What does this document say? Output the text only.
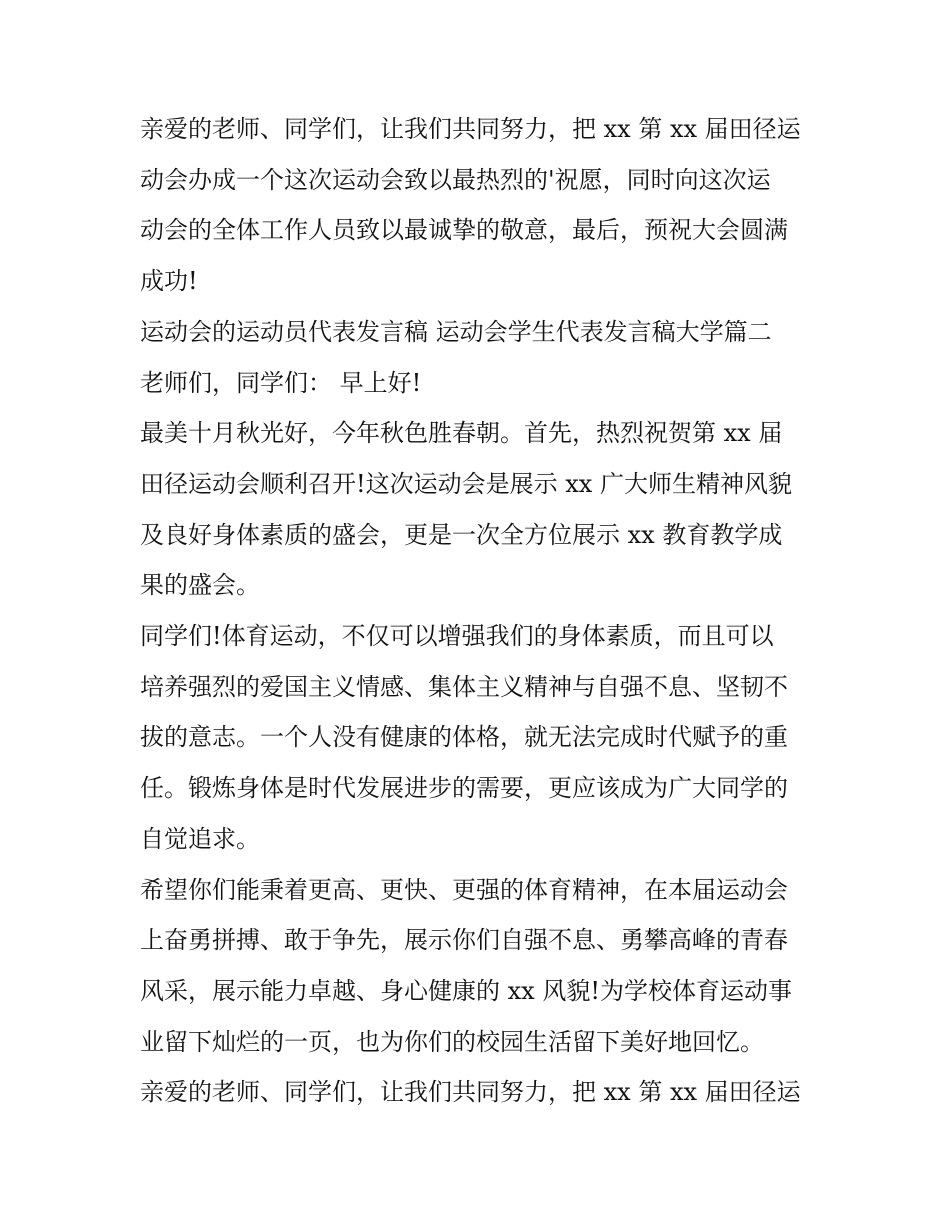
亲爱的老师、同学们，让我们共同努力，把 xx 第 xx 届田径运
动会办成一个这次运动会致以最热烈的'祝愿，同时向这次运
动会的全体工作人员致以最诚挚的敬意，最后，预祝大会圆满
成功!

运动会的运动员代表发言稿 运动会学生代表发言稿大学篇二

老师们，同学们： 早上好!

最美十月秋光好，今年秋色胜春朝。首先，热烈祝贺第 xx 届
田径运动会顺利召开!这次运动会是展示 xx 广大师生精神风貌
及良好身体素质的盛会，更是一次全方位展示 xx 教育教学成
果的盛会。

同学们!体育运动，不仅可以增强我们的身体素质，而且可以
培养强烈的爱国主义情感、集体主义精神与自强不息、坚韧不
拔的意志。一个人没有健康的体格，就无法完成时代赋予的重
任。锻炼身体是时代发展进步的需要，更应该成为广大同学的
自觉追求。

希望你们能秉着更高、更快、更强的体育精神，在本届运动会
上奋勇拼搏、敢于争先，展示你们自强不息、勇攀高峰的青春
风采，展示能力卓越、身心健康的 xx 风貌!为学校体育运动事
业留下灿烂的一页，也为你们的校园生活留下美好地回忆。

亲爱的老师、同学们，让我们共同努力，把 xx 第 xx 届田径运
